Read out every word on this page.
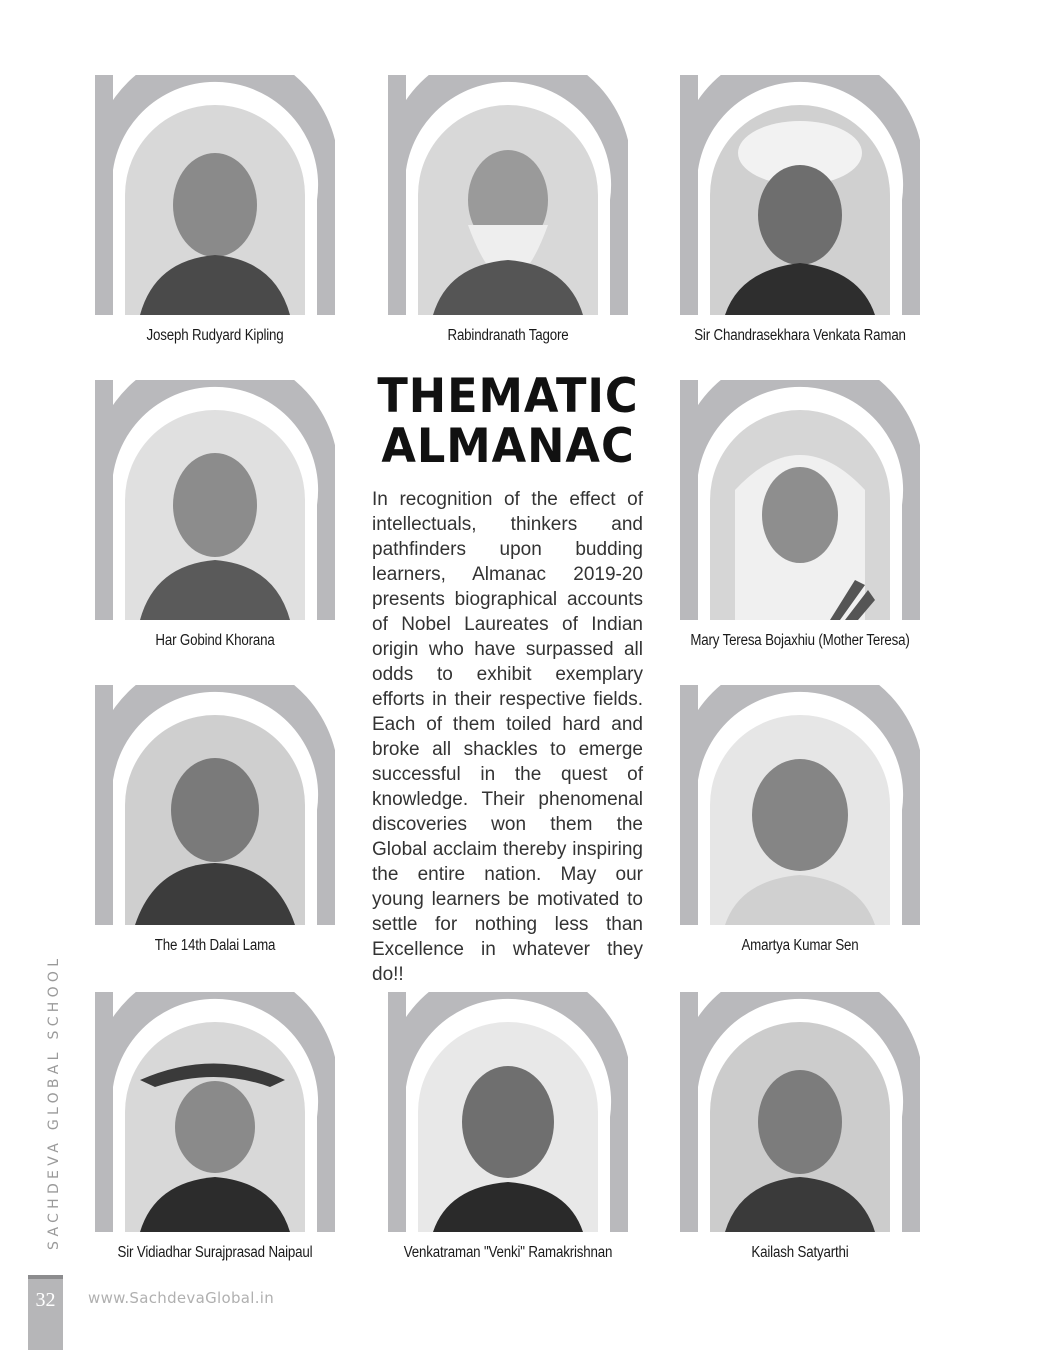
Joseph Rudyard Kipling	Rabindranath Tagore	Sir Chandrasekhara Venkata Raman
Har Gobind Khorana	Mary Teresa Bojaxhiu (Mother Teresa)
The 14th Dalai Lama	Amartya Kumar Sen
Sir Vidiadhar Surajprasad Naipaul	Venkatraman "Venki" Ramakrishnan	Kailash Satyarthi
THEMATIC
ALMANAC
In recognition of the effect of intellectuals, thinkers and pathfinders upon budding learners, Almanac 2019-20 presents biographical accounts of Nobel Laureates of Indian origin who have surpassed all odds to exhibit exemplary efforts in their respective fields. Each of them toiled hard and broke all shackles to emerge successful in the quest of knowledge. Their phenomenal discoveries won them the Global acclaim thereby inspiring the entire nation. May our young learners be motivated to settle for nothing less than Excellence in whatever they do!!
SACHDEVA GLOBAL SCHOOL
32	www.SachdevaGlobal.in
